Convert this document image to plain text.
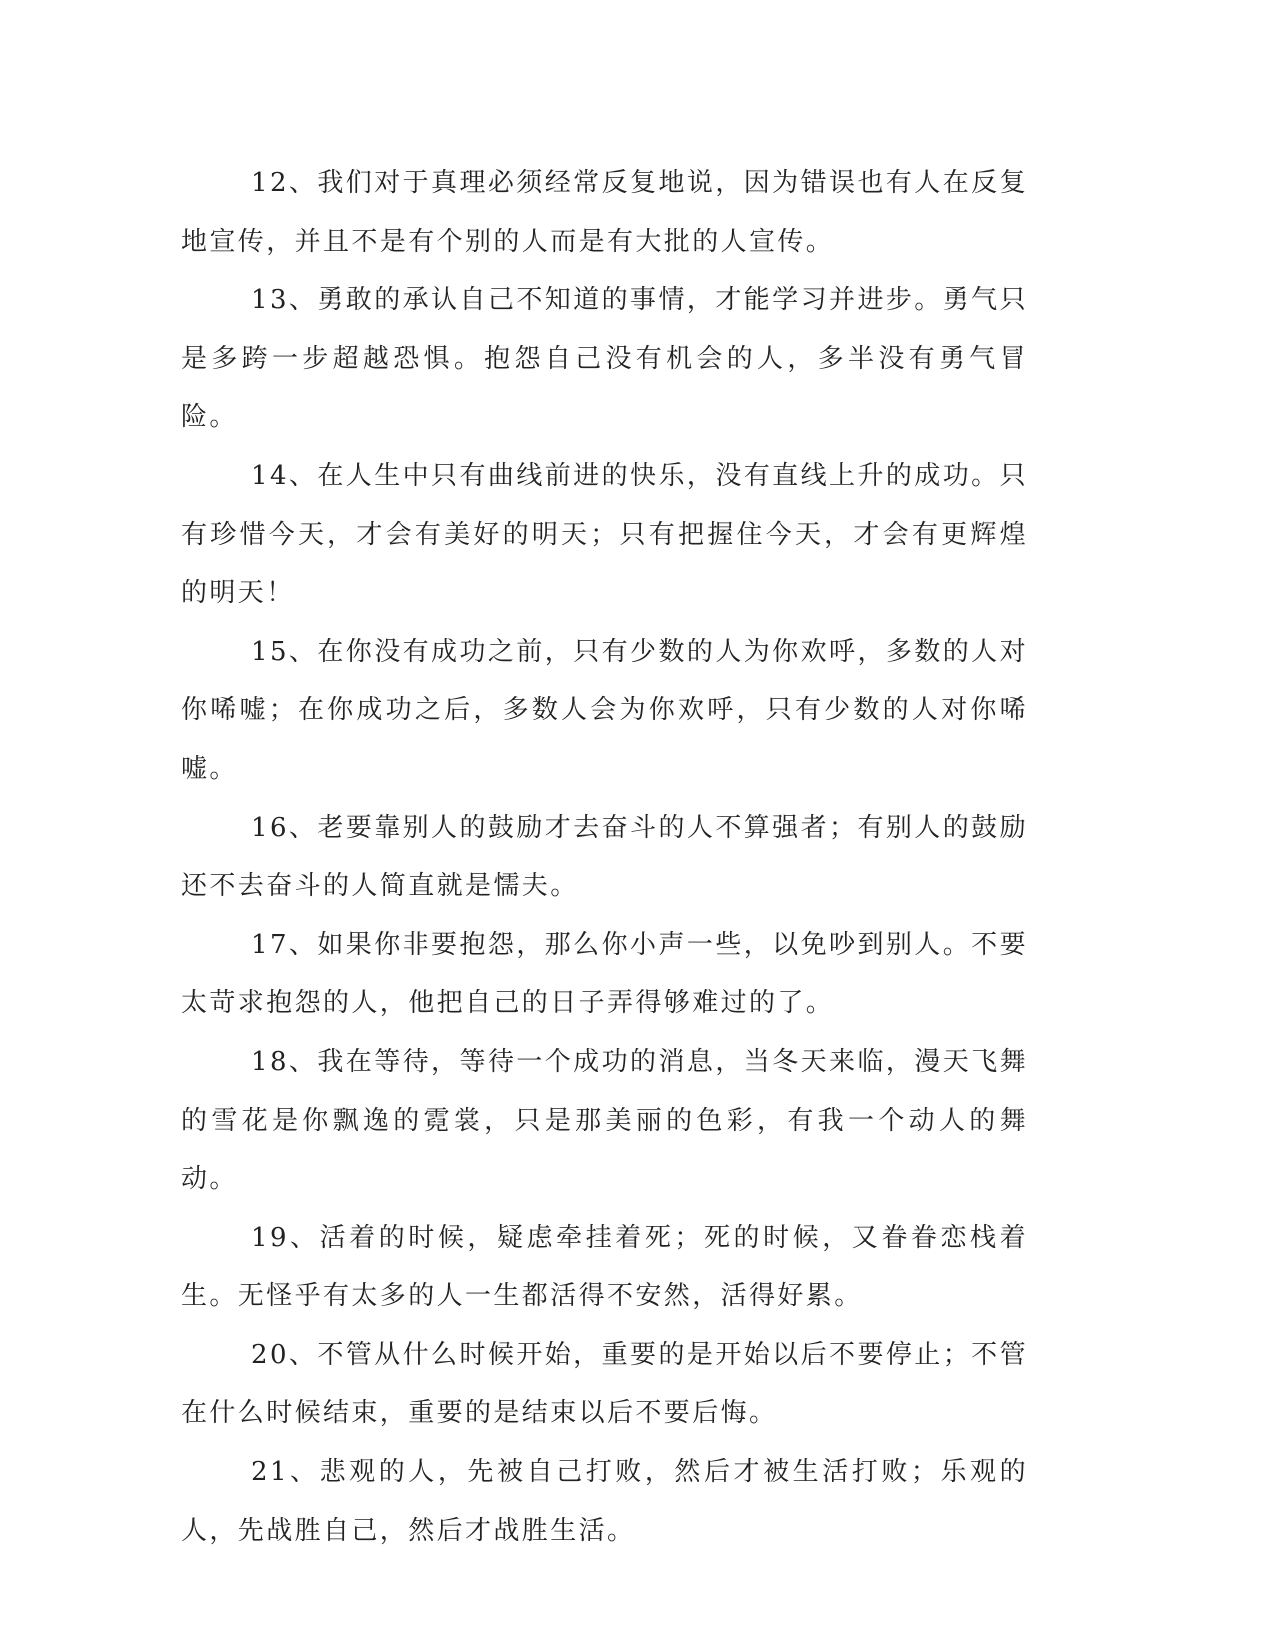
12、我们对于真理必须经常反复地说，因为错误也有人在反复地宣传，并且不是有个别的人而是有大批的人宣传。

13、勇敢的承认自己不知道的事情，才能学习并进步。勇气只是多跨一步超越恐惧。抱怨自己没有机会的人，多半没有勇气冒险。

14、在人生中只有曲线前进的快乐，没有直线上升的成功。只有珍惜今天，才会有美好的明天；只有把握住今天，才会有更辉煌的明天！

15、在你没有成功之前，只有少数的人为你欢呼，多数的人对你唏嘘；在你成功之后，多数人会为你欢呼，只有少数的人对你唏嘘。

16、老要靠别人的鼓励才去奋斗的人不算强者；有别人的鼓励还不去奋斗的人简直就是懦夫。

17、如果你非要抱怨，那么你小声一些，以免吵到别人。不要太苛求抱怨的人，他把自己的日子弄得够难过的了。

18、我在等待，等待一个成功的消息，当冬天来临，漫天飞舞的雪花是你飘逸的霓裳，只是那美丽的色彩，有我一个动人的舞动。

19、活着的时候，疑虑牵挂着死；死的时候，又眷眷恋栈着生。无怪乎有太多的人一生都活得不安然，活得好累。

20、不管从什么时候开始，重要的是开始以后不要停止；不管在什么时候结束，重要的是结束以后不要后悔。

21、悲观的人，先被自己打败，然后才被生活打败；乐观的人，先战胜自己，然后才战胜生活。
